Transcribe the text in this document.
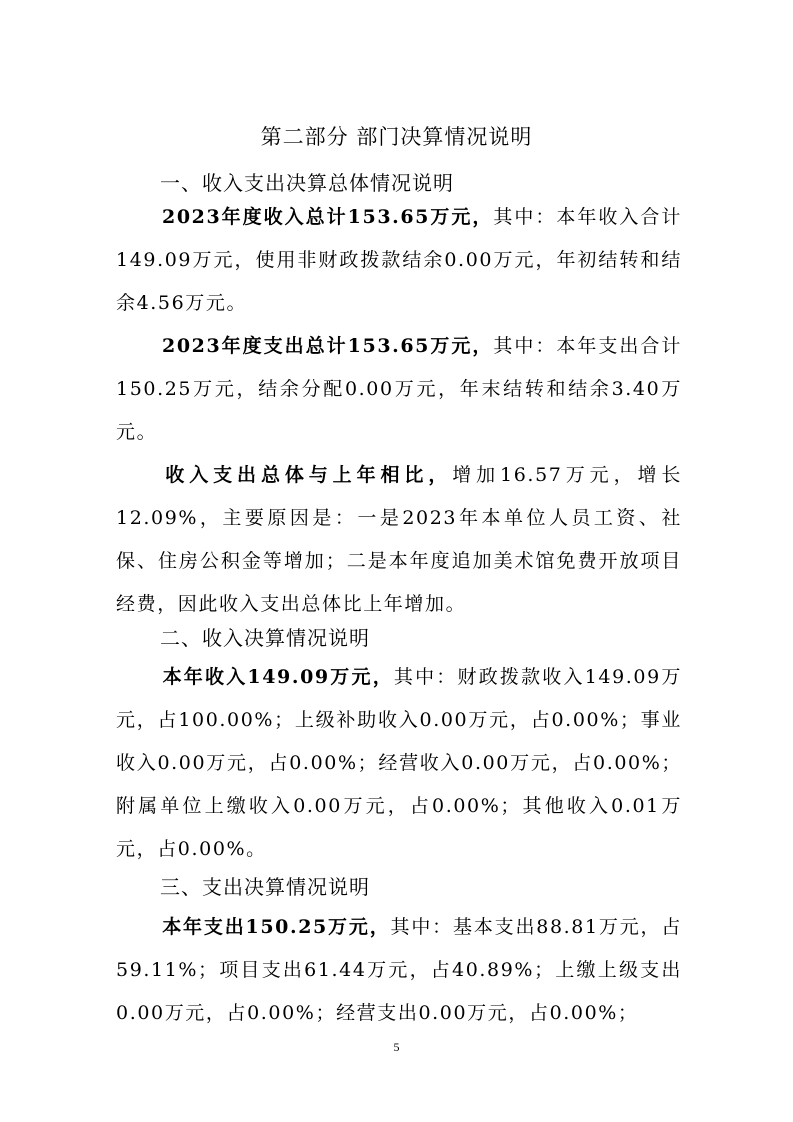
第二部分 部门决算情况说明
一、收入支出决算总体情况说明
2023年度收入总计153.65万元，其中：本年收入合计149.09万元，使用非财政拨款结余0.00万元，年初结转和结余4.56万元。
2023年度支出总计153.65万元，其中：本年支出合计150.25万元，结余分配0.00万元，年末结转和结余3.40万元。
收入支出总体与上年相比，增加16.57万元，增长12.09%，主要原因是：一是2023年本单位人员工资、社保、住房公积金等增加；二是本年度追加美术馆免费开放项目经费，因此收入支出总体比上年增加。
二、收入决算情况说明
本年收入149.09万元，其中：财政拨款收入149.09万元，占100.00%；上级补助收入0.00万元，占0.00%；事业收入0.00万元，占0.00%；经营收入0.00万元，占0.00%；附属单位上缴收入0.00万元，占0.00%；其他收入0.01万元，占0.00%。
三、支出决算情况说明
本年支出150.25万元，其中：基本支出88.81万元，占59.11%；项目支出61.44万元，占40.89%；上缴上级支出0.00万元，占0.00%；经营支出0.00万元，占0.00%；
5
